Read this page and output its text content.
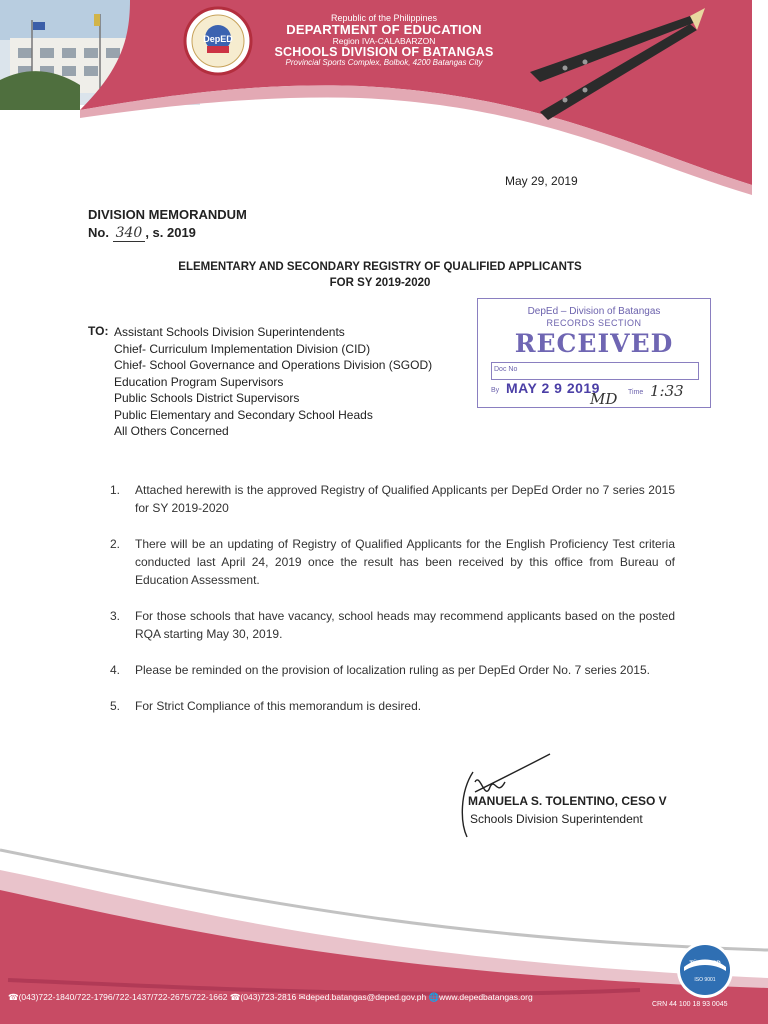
DepED
Republic of the Philippines
DEPARTMENT OF EDUCATION
Region IVA-CALABARZON
SCHOOLS DIVISION OF BATANGAS
Provincial Sports Complex, Bolbok, 4200 Batangas City
May 29, 2019
DIVISION MEMORANDUM
No. 340 , s. 2019
ELEMENTARY AND SECONDARY REGISTRY OF QUALIFIED APPLICANTS
FOR SY 2019-2020
TO: Assistant Schools Division Superintendents
Chief- Curriculum Implementation Division (CID)
Chief- School Governance and Operations Division (SGOD)
Education Program Supervisors
Public Schools District Supervisors
Public Elementary and Secondary School Heads
All Others Concerned
DepEd – Division of Batangas
RECORDS SECTION
RECEIVED
Doc No
By MAY 2 9 2019	Time 1:33
MD
1. Attached herewith is the approved Registry of Qualified Applicants per DepEd Order no 7 series 2015 for SY 2019-2020
2. There will be an updating of Registry of Qualified Applicants for the English Proficiency Test criteria conducted last April 24, 2019 once the result has been received by this office from Bureau of Education Assessment.
3. For those schools that have vacancy, school heads may recommend applicants based on the posted RQA starting May 30, 2019.
4. Please be reminded on the provision of localization ruling as per DepEd Order No. 7 series 2015.
5. For Strict Compliance of this memorandum is desired.
MANUELA S. TOLENTINO, CESO V
Schools Division Superintendent
TÜV NORD
ISO 9001
☎(043)722-1840/722-1796/722-1437/722-2675/722-1662 ☎(043)723-2816 ✉deped.batangas@deped.gov.ph 🌐www.depedbatangas.org
CRN 44 100 18 93 0045
